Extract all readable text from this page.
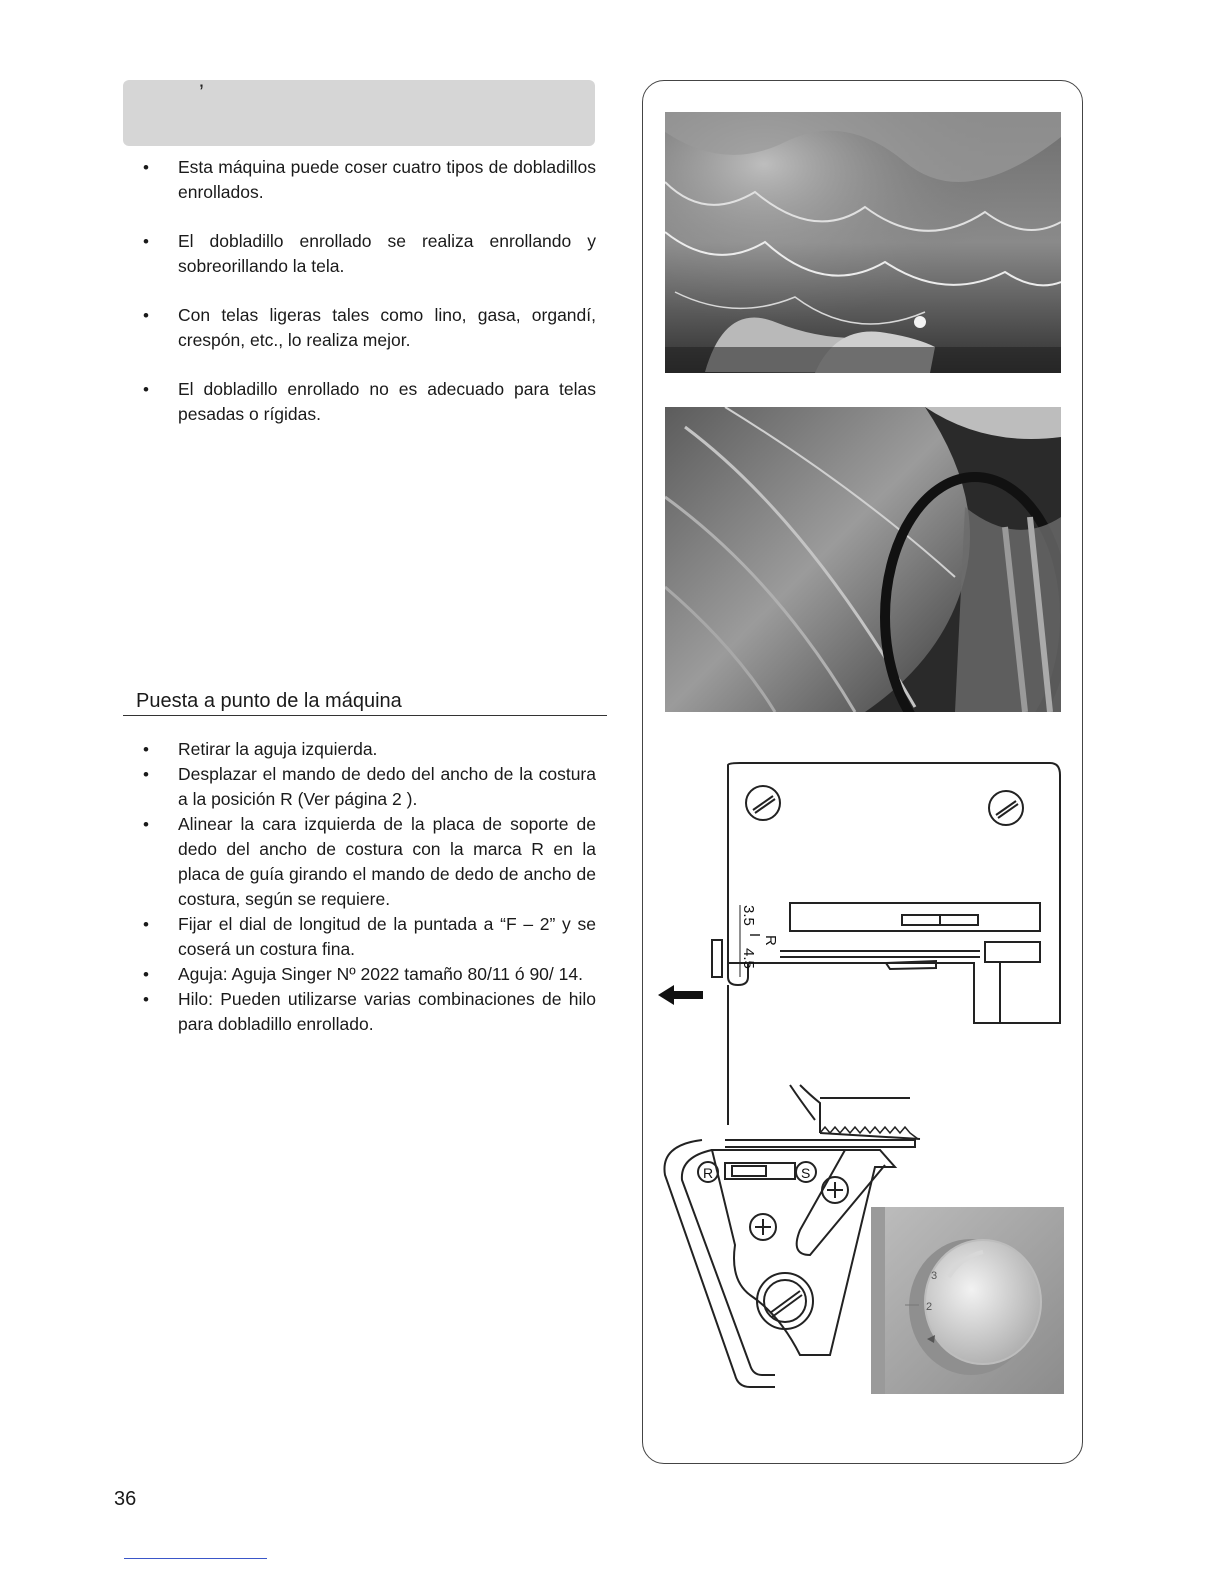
’
• Esta máquina puede coser cuatro tipos de dobladillos enrollados.
• El dobladillo enrollado se realiza enrollando y sobreorillando la tela.
• Con telas ligeras tales como lino, gasa, organdí, crespón, etc., lo realiza mejor.
• El dobladillo enrollado no es adecuado para telas pesadas o rígidas.
Puesta a punto de la máquina
• Retirar la aguja izquierda.
• Desplazar el mando de dedo del ancho de la costura a la posición R (Ver página 2 ).
• Alinear la cara izquierda de la placa de soporte de dedo del ancho de costura con la marca R en la placa de guía girando el mando de dedo de ancho de costura, según se requiere.
• Fijar el dial de longitud de la puntada a “F – 2” y se coserá un costura fina.
• Aguja: Aguja Singer Nº 2022 tamaño 80/11 ó 90/ 14.
• Hilo: Pueden utilizarse varias combinaciones de hilo para dobladillo enrollado.
3.5
R
4.5
R	S
3
2
36
